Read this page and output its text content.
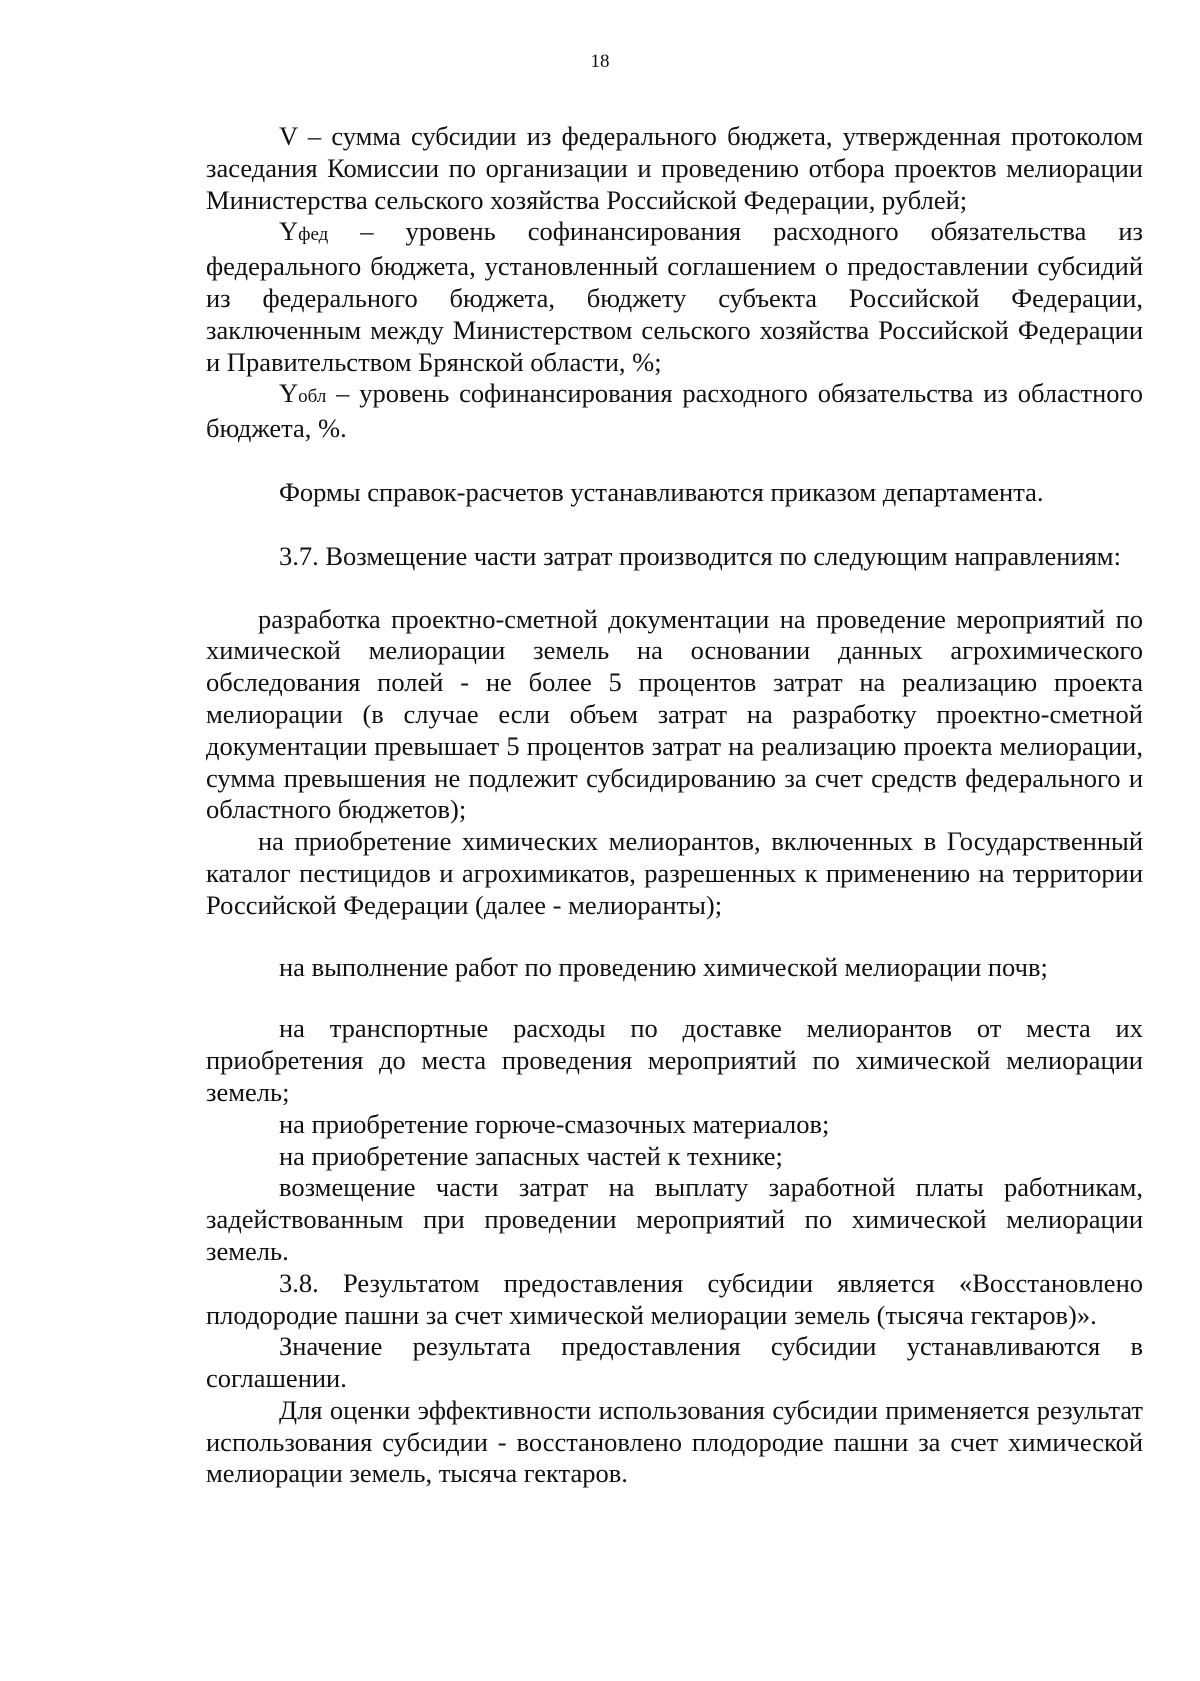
18

V – сумма субсидии из федерального бюджета, утвержденная протоколом заседания Комиссии по организации и проведению отбора проектов мелиорации Министерства сельского хозяйства Российской Федерации, рублей;

Yфед – уровень софинансирования расходного обязательства из федерального бюджета, установленный соглашением о предоставлении субсидий из федерального бюджета, бюджету субъекта Российской Федерации, заключенным между Министерством сельского хозяйства Российской Федерации и Правительством Брянской области, %;

Yобл – уровень софинансирования расходного обязательства из областного бюджета, %.

Формы справок-расчетов устанавливаются приказом департамента.

3.7. Возмещение части затрат производится по следующим направлениям:

разработка проектно-сметной документации на проведение мероприятий по химической мелиорации земель на основании данных агрохимического обследования полей - не более 5 процентов затрат на реализацию проекта мелиорации (в случае если объем затрат на разработку проектно-сметной документации превышает 5 процентов затрат на реализацию проекта мелиорации, сумма превышения не подлежит субсидированию за счет средств федерального и областного бюджетов);

на приобретение химических мелиорантов, включенных в Государственный каталог пестицидов и агрохимикатов, разрешенных к применению на территории Российской Федерации (далее - мелиоранты);

на выполнение работ по проведению химической мелиорации почв;

на транспортные расходы по доставке мелиорантов от места их приобретения до места проведения мероприятий по химической мелиорации земель;

на приобретение горюче-смазочных материалов;

на приобретение запасных частей к технике;

возмещение части затрат на выплату заработной платы работникам, задействованным при проведении мероприятий по химической мелиорации земель.

3.8. Результатом предоставления субсидии является «Восстановлено плодородие пашни за счет химической мелиорации земель (тысяча гектаров)».

Значение результата предоставления субсидии устанавливаются в соглашении.

Для оценки эффективности использования субсидии применяется результат использования субсидии - восстановлено плодородие пашни за счет химической мелиорации земель, тысяча гектаров.
